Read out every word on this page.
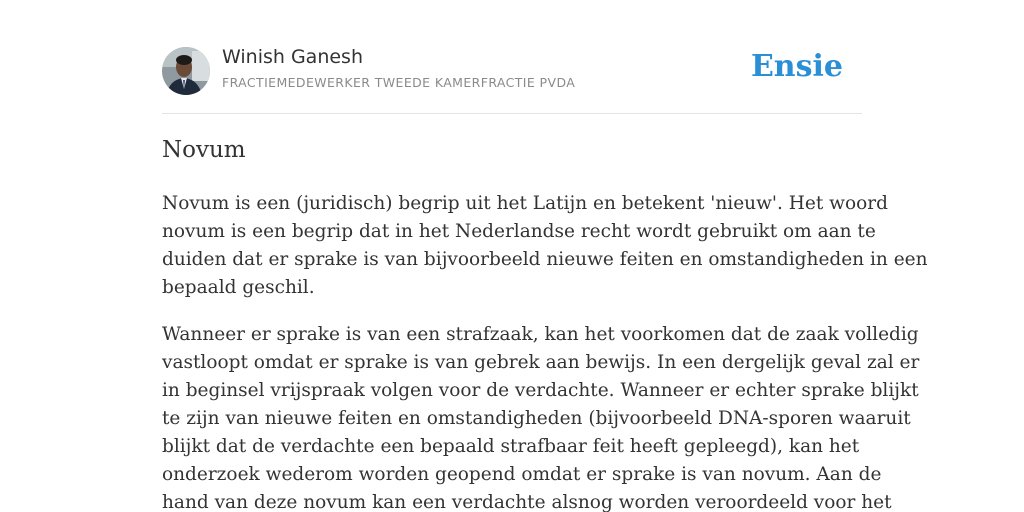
Winish Ganesh
FRACTIEMEDEWERKER TWEEDE KAMERFRACTIE PVDA	Ensie
Novum

Novum is een (juridisch) begrip uit het Latijn en betekent 'nieuw'. Het woord
novum is een begrip dat in het Nederlandse recht wordt gebruikt om aan te
duiden dat er sprake is van bijvoorbeeld nieuwe feiten en omstandigheden in een
bepaald geschil.

Wanneer er sprake is van een strafzaak, kan het voorkomen dat de zaak volledig
vastloopt omdat er sprake is van gebrek aan bewijs. In een dergelijk geval zal er
in beginsel vrijspraak volgen voor de verdachte. Wanneer er echter sprake blijkt
te zijn van nieuwe feiten en omstandigheden (bijvoorbeeld DNA-sporen waaruit
blijkt dat de verdachte een bepaald strafbaar feit heeft gepleegd), kan het
onderzoek wederom worden geopend omdat er sprake is van novum. Aan de
hand van deze novum kan een verdachte alsnog worden veroordeeld voor het
